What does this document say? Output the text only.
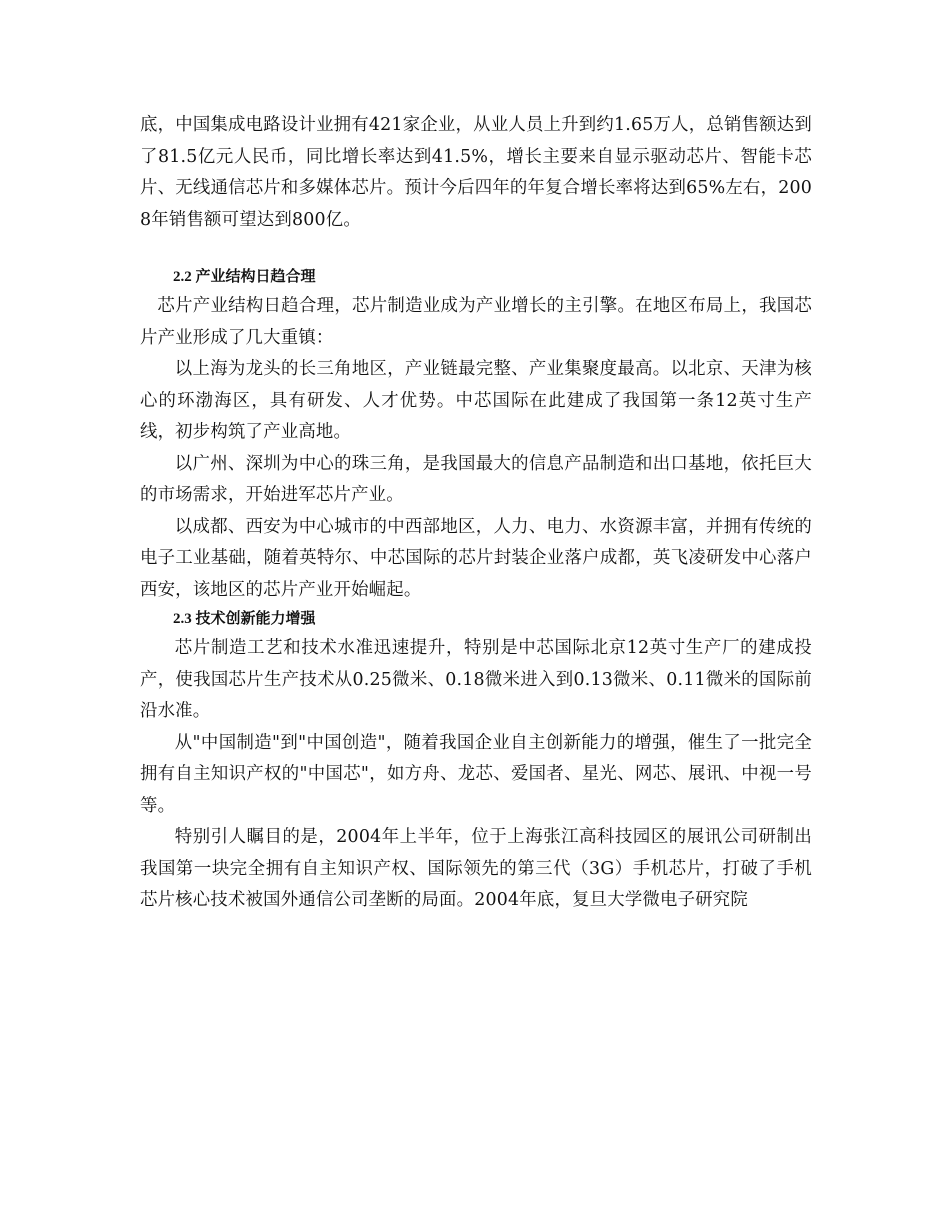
底，中国集成电路设计业拥有421家企业，从业人员上升到约1.65万人，总销售额达到了81.5亿元人民币，同比增长率达到41.5%，增长主要来自显示驱动芯片、智能卡芯片、无线通信芯片和多媒体芯片。预计今后四年的年复合增长率将达到65%左右，2008年销售额可望达到800亿。

2.2 产业结构日趋合理

芯片产业结构日趋合理，芯片制造业成为产业增长的主引擎。在地区布局上，我国芯片产业形成了几大重镇：

以上海为龙头的长三角地区，产业链最完整、产业集聚度最高。以北京、天津为核心的环渤海区，具有研发、人才优势。中芯国际在此建成了我国第一条12英寸生产线，初步构筑了产业高地。

以广州、深圳为中心的珠三角，是我国最大的信息产品制造和出口基地，依托巨大的市场需求，开始进军芯片产业。

以成都、西安为中心城市的中西部地区，人力、电力、水资源丰富，并拥有传统的电子工业基础，随着英特尔、中芯国际的芯片封装企业落户成都，英飞凌研发中心落户西安，该地区的芯片产业开始崛起。

2.3 技术创新能力增强

芯片制造工艺和技术水准迅速提升，特别是中芯国际北京12英寸生产厂的建成投产，使我国芯片生产技术从0.25微米、0.18微米进入到0.13微米、0.11微米的国际前沿水准。

从"中国制造"到"中国创造"，随着我国企业自主创新能力的增强，催生了一批完全拥有自主知识产权的"中国芯"，如方舟、龙芯、爱国者、星光、网芯、展讯、中视一号等。

特别引人瞩目的是，2004年上半年，位于上海张江高科技园区的展讯公司研制出我国第一块完全拥有自主知识产权、国际领先的第三代（3G）手机芯片，打破了手机芯片核心技术被国外通信公司垄断的局面。2004年底，复旦大学微电子研究院
